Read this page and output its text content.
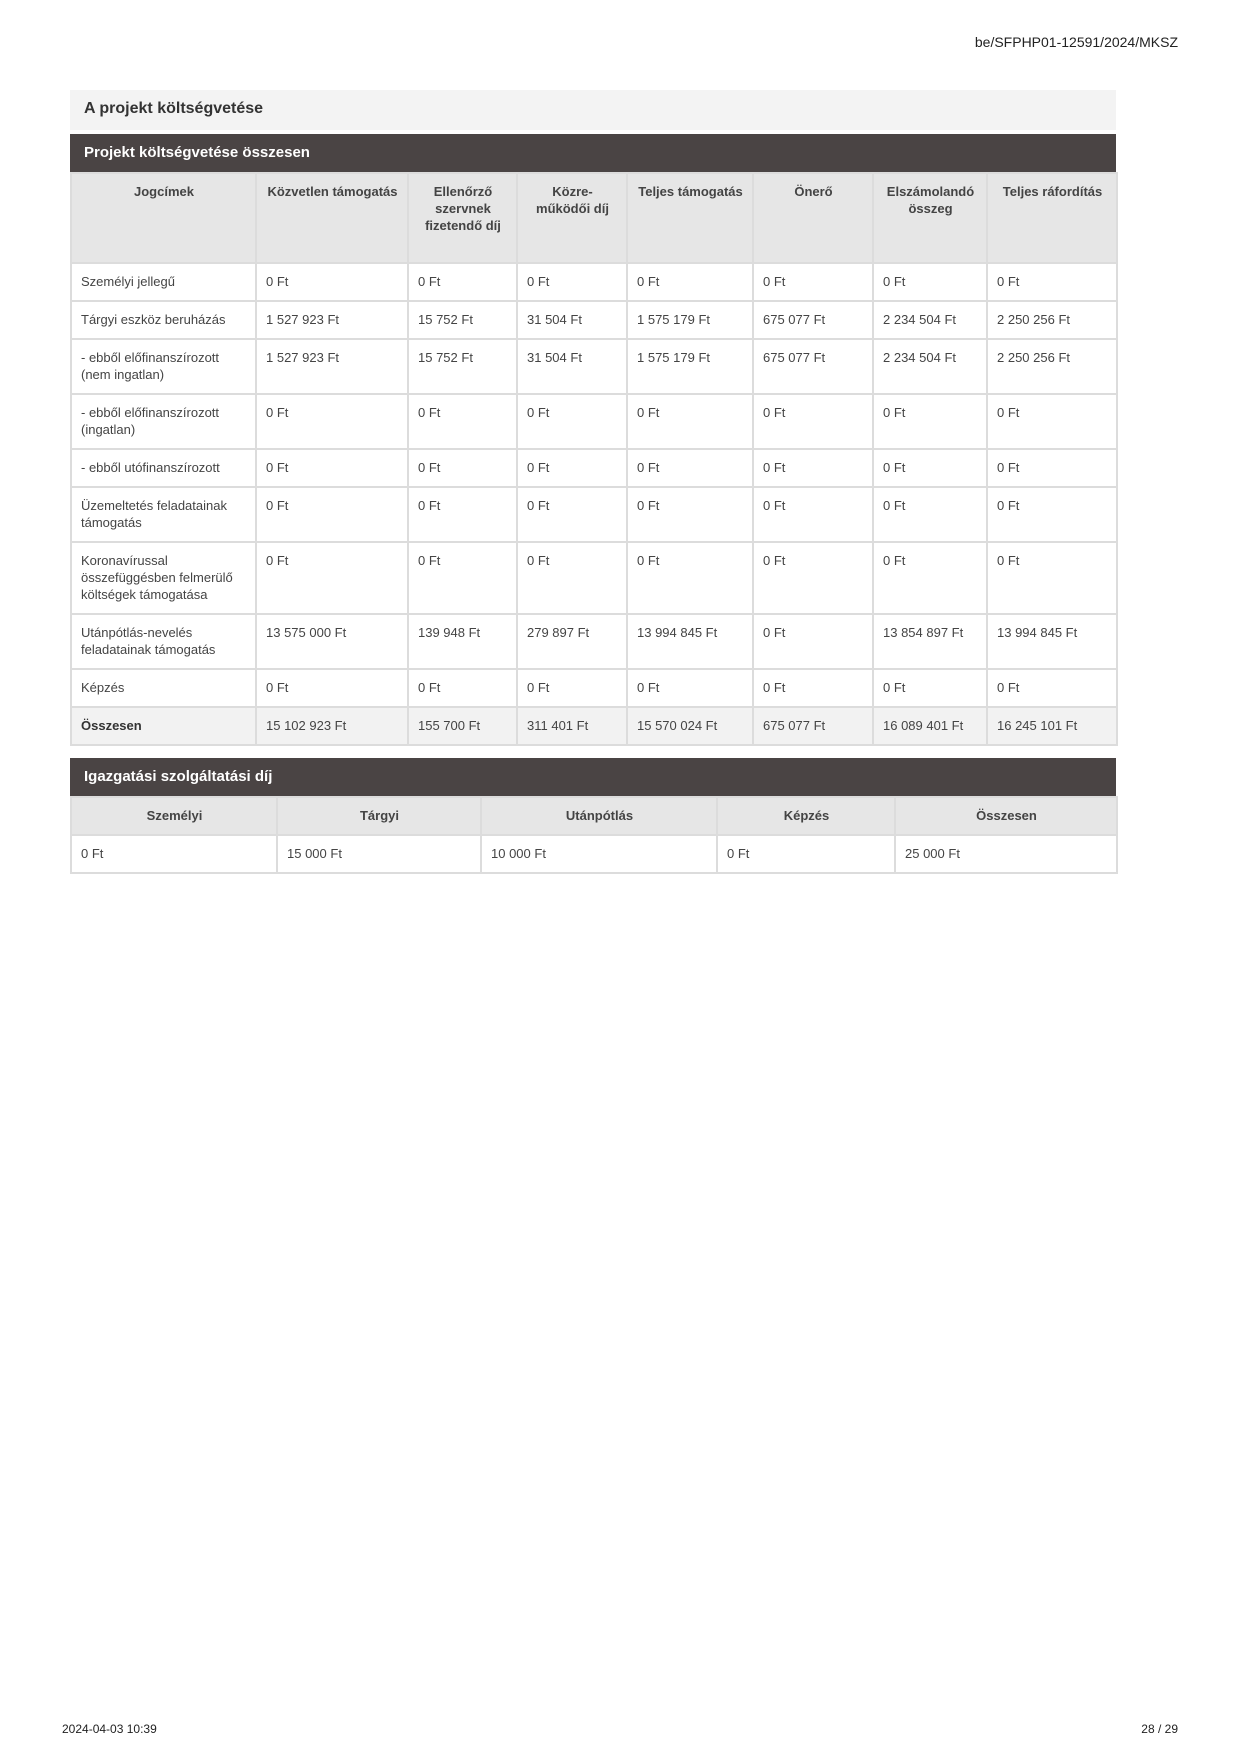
be/SFPHP01-12591/2024/MKSZ
A projekt költségvetése
Projekt költségvetése összesen
Jogcímek	Közvetlen támogatás	Ellenőrző szervnek fizetendő díj	Közre-működői díj	Teljes támogatás	Önerő	Elszámolandó összeg	Teljes ráfordítás
Személyi jellegű	0 Ft	0 Ft	0 Ft	0 Ft	0 Ft	0 Ft	0 Ft
Tárgyi eszköz beruházás	1 527 923 Ft	15 752 Ft	31 504 Ft	1 575 179 Ft	675 077 Ft	2 234 504 Ft	2 250 256 Ft
- ebből előfinanszírozott (nem ingatlan)	1 527 923 Ft	15 752 Ft	31 504 Ft	1 575 179 Ft	675 077 Ft	2 234 504 Ft	2 250 256 Ft
- ebből előfinanszírozott (ingatlan)	0 Ft	0 Ft	0 Ft	0 Ft	0 Ft	0 Ft	0 Ft
- ebből utófinanszírozott	0 Ft	0 Ft	0 Ft	0 Ft	0 Ft	0 Ft	0 Ft
Üzemeltetés feladatainak támogatás	0 Ft	0 Ft	0 Ft	0 Ft	0 Ft	0 Ft	0 Ft
Koronavírussal összefüggésben felmerülő költségek támogatása	0 Ft	0 Ft	0 Ft	0 Ft	0 Ft	0 Ft	0 Ft
Utánpótlás-nevelés feladatainak támogatás	13 575 000 Ft	139 948 Ft	279 897 Ft	13 994 845 Ft	0 Ft	13 854 897 Ft	13 994 845 Ft
Képzés	0 Ft	0 Ft	0 Ft	0 Ft	0 Ft	0 Ft	0 Ft
Összesen	15 102 923 Ft	155 700 Ft	311 401 Ft	15 570 024 Ft	675 077 Ft	16 089 401 Ft	16 245 101 Ft
Igazgatási szolgáltatási díj
Személyi	Tárgyi	Utánpótlás	Képzés	Összesen
0 Ft	15 000 Ft	10 000 Ft	0 Ft	25 000 Ft
2024-04-03 10:39	28 / 29
